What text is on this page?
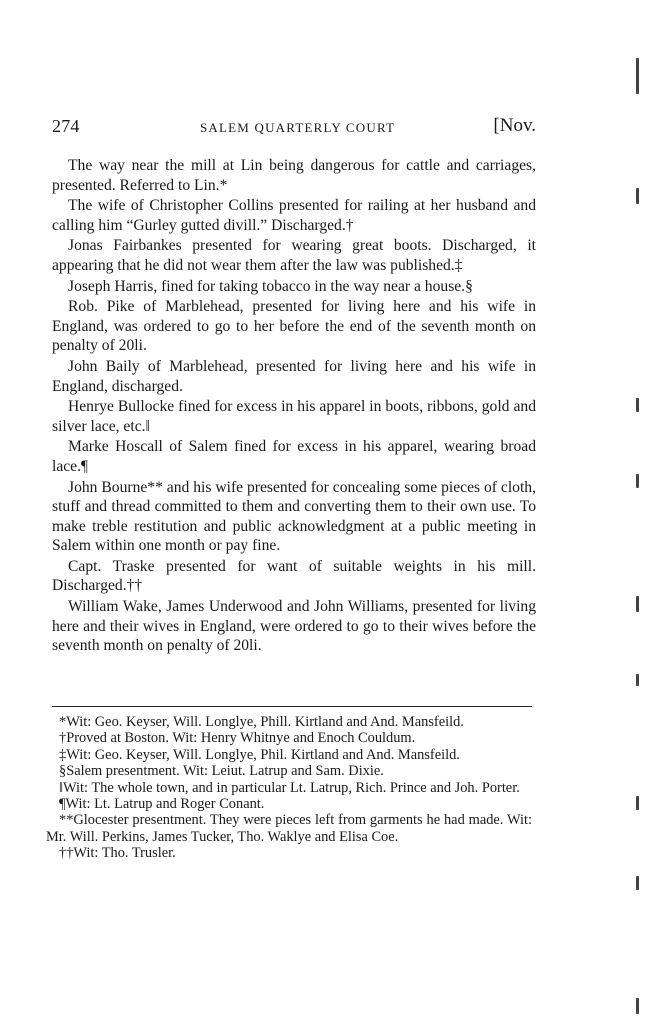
274	SALEM QUARTERLY COURT	[Nov.

The way near the mill at Lin being dangerous for cattle and carriages, presented. Referred to Lin.*

The wife of Christopher Collins presented for railing at her husband and calling him “Gurley gutted divill.” Discharged.†

Jonas Fairbankes presented for wearing great boots. Discharged, it appearing that he did not wear them after the law was published.‡

Joseph Harris, fined for taking tobacco in the way near a house.§

Rob. Pike of Marblehead, presented for living here and his wife in England, was ordered to go to her before the end of the seventh month on penalty of 20li.

John Baily of Marblehead, presented for living here and his wife in England, discharged.

Henrye Bullocke fined for excess in his apparel in boots, ribbons, gold and silver lace, etc.‖

Marke Hoscall of Salem fined for excess in his apparel, wearing broad lace.¶

John Bourne** and his wife presented for concealing some pieces of cloth, stuff and thread committed to them and converting them to their own use. To make treble restitution and public acknowledgment at a public meeting in Salem within one month or pay fine.

Capt. Traske presented for want of suitable weights in his mill. Discharged.††

William Wake, James Underwood and John Williams, presented for living here and their wives in England, were ordered to go to their wives before the seventh month on penalty of 20li.

*Wit: Geo. Keyser, Will. Longlye, Phill. Kirtland and And. Mansfeild.

†Proved at Boston. Wit: Henry Whitnye and Enoch Couldum.

‡Wit: Geo. Keyser, Will. Longlye, Phil. Kirtland and And. Mansfeild.

§Salem presentment. Wit: Leiut. Latrup and Sam. Dixie.

‖Wit: The whole town, and in particular Lt. Latrup, Rich. Prince and Joh. Porter.

¶Wit: Lt. Latrup and Roger Conant.

**Glocester presentment. They were pieces left from garments he had made. Wit: Mr. Will. Perkins, James Tucker, Tho. Waklye and Elisa Coe.

††Wit: Tho. Trusler.
